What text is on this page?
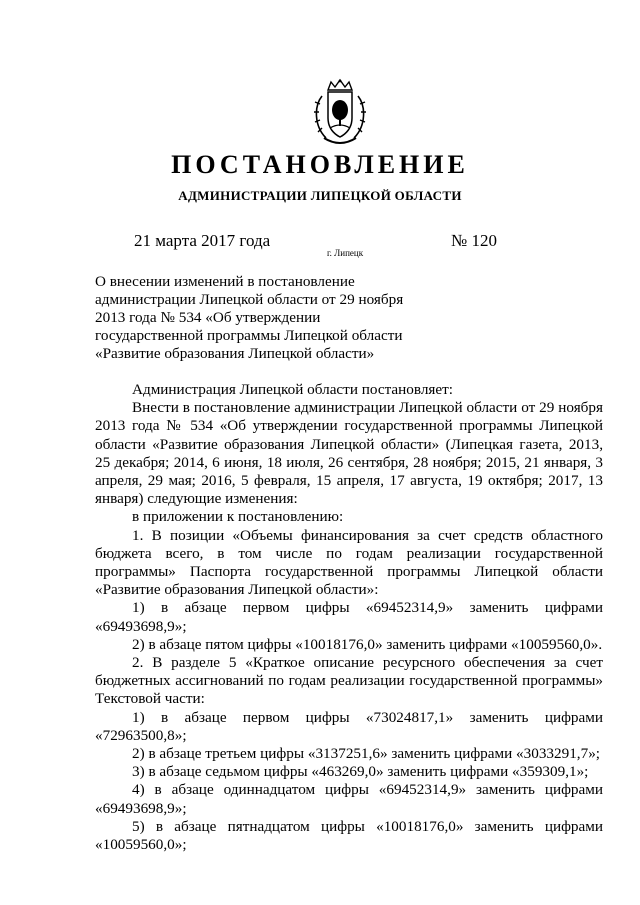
ПОСТАНОВЛЕНИЕ
АДМИНИСТРАЦИИ ЛИПЕЦКОЙ ОБЛАСТИ
21 марта 2017 года
г. Липецк
№ 120
О внесении изменений в постановление администрации Липецкой области от 29 ноября 2013 года № 534 «Об утверждении государственной программы Липецкой области «Развитие образования Липецкой области»

Администрация Липецкой области постановляет:

Внести в постановление администрации Липецкой области от 29 ноября 2013 года № 534 «Об утверждении государственной программы Липецкой области «Развитие образования Липецкой области» (Липецкая газета, 2013, 25 декабря; 2014, 6 июня, 18 июля, 26 сентября, 28 ноября; 2015, 21 января, 3 апреля, 29 мая; 2016, 5 февраля, 15 апреля, 17 августа, 19 октября; 2017, 13 января) следующие изменения:

в приложении к постановлению:

1. В позиции «Объемы финансирования за счет средств областного бюджета всего, в том числе по годам реализации государственной программы» Паспорта государственной программы Липецкой области «Развитие образования Липецкой области»:

1) в абзаце первом цифры «69452314,9» заменить цифрами «69493698,9»;

2) в абзаце пятом цифры «10018176,0» заменить цифрами «10059560,0».

2. В разделе 5 «Краткое описание ресурсного обеспечения за счет бюджетных ассигнований по годам реализации государственной программы» Текстовой части:

1) в абзаце первом цифры «73024817,1» заменить цифрами «72963500,8»;

2) в абзаце третьем цифры «3137251,6» заменить цифрами «3033291,7»;

3) в абзаце седьмом цифры «463269,0» заменить цифрами «359309,1»;

4) в абзаце одиннадцатом цифры «69452314,9» заменить цифрами «69493698,9»;

5) в абзаце пятнадцатом цифры «10018176,0» заменить цифрами «10059560,0»;
